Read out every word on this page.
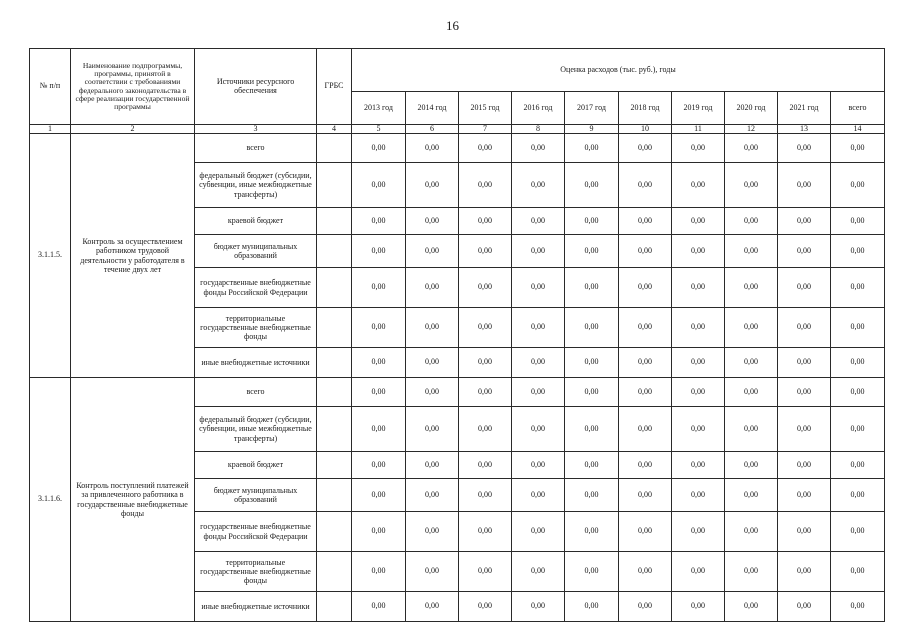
16
№ п/п	Наименование подпрограммы, программы, принятой в соответствии с требованиями федерального законодательства в сфере реализации государственной программы	Источники ресурсного обеспечения	ГРБС	Оценка расходов (тыс. руб.), годы									
				2013 год	2014 год	2015 год	2016 год	2017 год	2018 год	2019 год	2020 год	2021 год	всего
1	2	3	4	5	6	7	8	9	10	11	12	13	14
3.1.1.5.	Контроль за осуществлением работником трудовой деятельности у работодателя в течение двух лет	всего		0,00	0,00	0,00	0,00	0,00	0,00	0,00	0,00	0,00	0,00
		федеральный бюджет (субсидии, субвенции, иные межбюджетные трансферты)		0,00	0,00	0,00	0,00	0,00	0,00	0,00	0,00	0,00	0,00
		краевой бюджет		0,00	0,00	0,00	0,00	0,00	0,00	0,00	0,00	0,00	0,00
		бюджет муниципальных образований		0,00	0,00	0,00	0,00	0,00	0,00	0,00	0,00	0,00	0,00
		государственные внебюджетные фонды Российской Федерации		0,00	0,00	0,00	0,00	0,00	0,00	0,00	0,00	0,00	0,00
		территориальные государственные внебюджетные фонды		0,00	0,00	0,00	0,00	0,00	0,00	0,00	0,00	0,00	0,00
		иные внебюджетные источники		0,00	0,00	0,00	0,00	0,00	0,00	0,00	0,00	0,00	0,00
3.1.1.6.	Контроль поступлений платежей за привлеченного работника в государственные внебюджетные фонды	всего		0,00	0,00	0,00	0,00	0,00	0,00	0,00	0,00	0,00	0,00
		федеральный бюджет (субсидии, субвенции, иные межбюджетные трансферты)		0,00	0,00	0,00	0,00	0,00	0,00	0,00	0,00	0,00	0,00
		краевой бюджет		0,00	0,00	0,00	0,00	0,00	0,00	0,00	0,00	0,00	0,00
		бюджет муниципальных образований		0,00	0,00	0,00	0,00	0,00	0,00	0,00	0,00	0,00	0,00
		государственные внебюджетные фонды Российской Федерации		0,00	0,00	0,00	0,00	0,00	0,00	0,00	0,00	0,00	0,00
		территориальные государственные внебюджетные фонды		0,00	0,00	0,00	0,00	0,00	0,00	0,00	0,00	0,00	0,00
		иные внебюджетные источники		0,00	0,00	0,00	0,00	0,00	0,00	0,00	0,00	0,00	0,00
